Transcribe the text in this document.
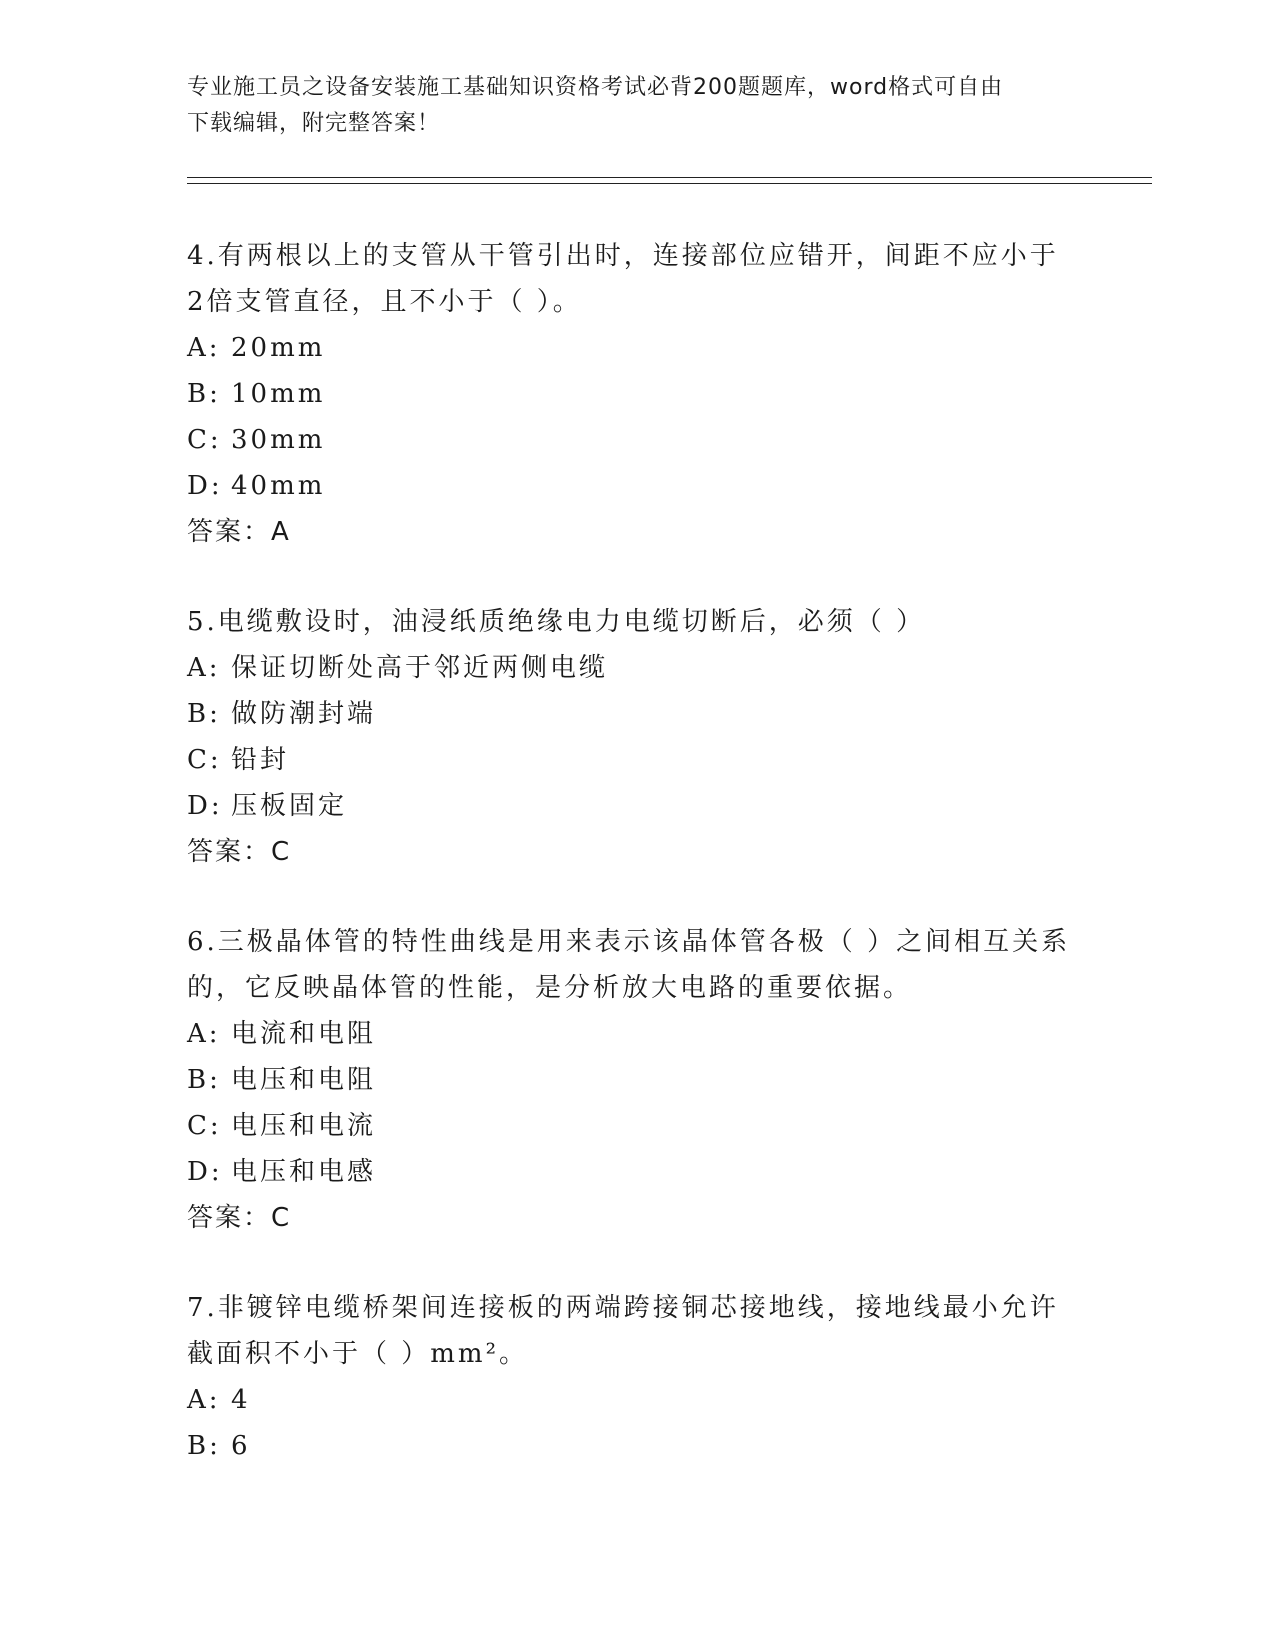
专业施工员之设备安装施工基础知识资格考试必背200题题库，word格式可自由
下载编辑，附完整答案！
4.有两根以上的支管从干管引出时，连接部位应错开，间距不应小于
2倍支管直径，且不小于（ ）。
A: 20mm
B: 10mm
C: 30mm
D: 40mm
答案：A
5.电缆敷设时，油浸纸质绝缘电力电缆切断后，必须（ ）
A: 保证切断处高于邻近两侧电缆
B: 做防潮封端
C: 铅封
D: 压板固定
答案：C
6.三极晶体管的特性曲线是用来表示该晶体管各极（ ）之间相互关系
的，它反映晶体管的性能，是分析放大电路的重要依据。
A: 电流和电阻
B: 电压和电阻
C: 电压和电流
D: 电压和电感
答案：C
7.非镀锌电缆桥架间连接板的两端跨接铜芯接地线，接地线最小允许
截面积不小于（ ）mm²。
A: 4
B: 6
